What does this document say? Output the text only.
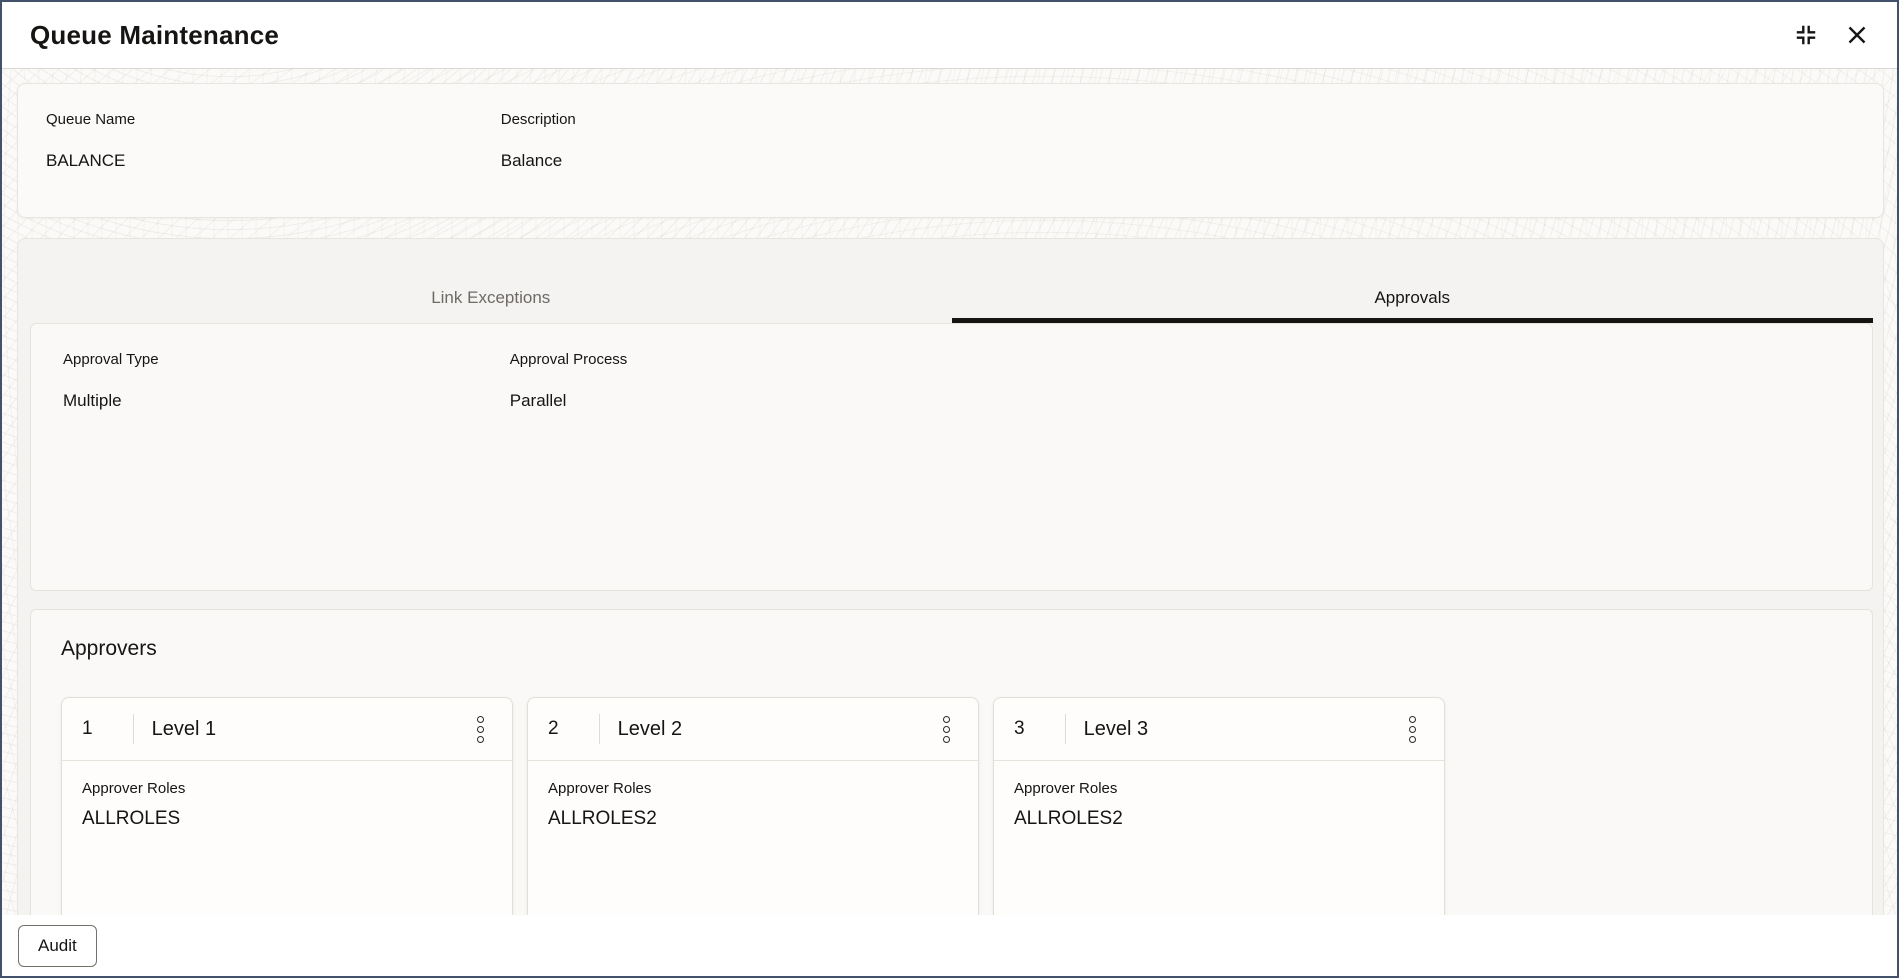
Queue Maintenance
Queue Name
BALANCE
Description
Balance
Link Exceptions	Approvals
Approval Type
Multiple
Approval Process
Parallel
Approvers
1	Level 1
Approver Roles
ALLROLES
2	Level 2
Approver Roles
ALLROLES2
3	Level 3
Approver Roles
ALLROLES2
Audit
